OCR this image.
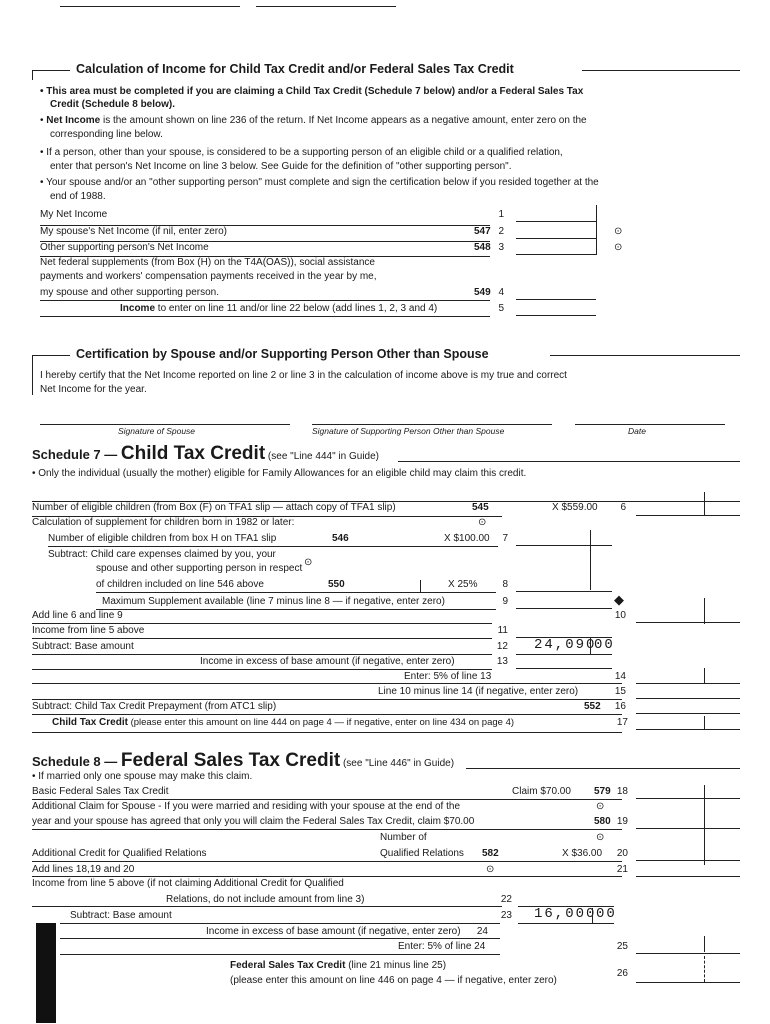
Calculation of Income for Child Tax Credit and/or Federal Sales Tax Credit
• This area must be completed if you are claiming a Child Tax Credit (Schedule 7 below) and/or a Federal Sales Tax
Credit (Schedule 8 below).
• Net Income is the amount shown on line 236 of the return. If Net Income appears as a negative amount, enter zero on the
corresponding line below.
• If a person, other than your spouse, is considered to be a supporting person of an eligible child or a qualified relation,
enter that person's Net Income on line 3 below. See Guide for the definition of "other supporting person".
• Your spouse and/or an "other supporting person" must complete and sign the certification below if you resided together at the
end of 1988.
My Net Income	1
My spouse's Net Income (if nil, enter zero)	547 2	⊙
Other supporting person's Net Income	548 3	⊙
Net federal supplements (from Box (H) on the T4A(OAS)), social assistance
payments and workers' compensation payments received in the year by me,
my spouse and other supporting person.	549 4
Income to enter on line 11 and/or line 22 below (add lines 1, 2, 3 and 4)	5
Certification by Spouse and/or Supporting Person Other than Spouse
I hereby certify that the Net Income reported on line 2 or line 3 in the calculation of income above is my true and correct
Net Income for the year.
Signature of Spouse	Signature of Supporting Person Other than Spouse	Date
Schedule 7 — Child Tax Credit (see "Line 444" in Guide)
• Only the individual (usually the mother) eligible for Family Allowances for an eligible child may claim this credit.
Number of eligible children (from Box (F) on TFA1 slip — attach copy of TFA1 slip)	545	X $559.00	6
Calculation of supplement for children born in 1982 or later:	⊙
Number of eligible children from box H on TFA1 slip	546	X $100.00	7
Subtract: Child care expenses claimed by you, your
spouse and other supporting person in respect
⊙
of children included on line 546 above	550	X 25%	8
Maximum Supplement available (line 7 minus line 8 — if negative, enter zero)	9	◆
Add line 6 and line 9	10
Income from line 5 above	11
Subtract: Base amount	12 24,090
00
Income in excess of base amount (if negative, enter zero)	13
Enter: 5% of line 13	14
Line 10 minus line 14 (if negative, enter zero)	15
Subtract: Child Tax Credit Prepayment (from ATC1 slip)	552	16
Child Tax Credit (please enter this amount on line 444 on page 4 — if negative, enter on line 434 on page 4)	17
Schedule 8 — Federal Sales Tax Credit (see "Line 446" in Guide)
• If married only one spouse may make this claim.
Basic Federal Sales Tax Credit	Claim $70.00 579 18
Additional Claim for Spouse - If you were married and residing with your spouse at the end of the	⊙
year and your spouse has agreed that only you will claim the Federal Sales Tax Credit, claim $70.00	580 19
Number of	⊙
Additional Credit for Qualified Relations	Qualified Relations 582	X $36.00	20
Add lines 18,19 and 20	⊙	21
Income from line 5 above (if not claiming Additional Credit for Qualified
Relations, do not include amount from line 3)	22
Subtract: Base amount	23 16,000 00
Income in excess of base amount (if negative, enter zero)	24
Enter: 5% of line 24	25
Federal Sales Tax Credit (line 21 minus line 25)
(please enter this amount on line 446 on page 4 — if negative, enter zero)
26
